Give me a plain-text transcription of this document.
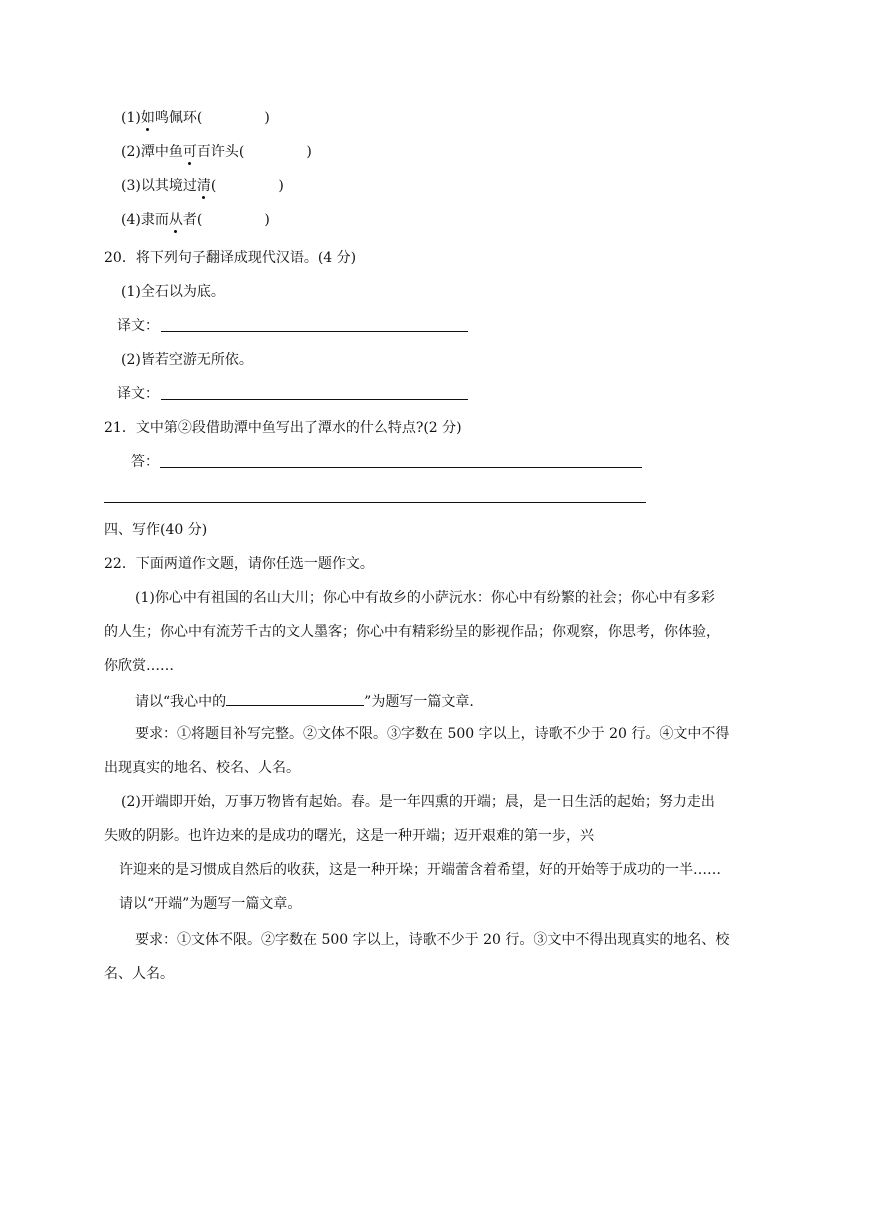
(1)如鸣佩环(	)
(2)潭中鱼可百许头(	)
(3)以其境过清(	)
(4)隶而从者(	)
20．将下列句子翻译成现代汉语。(4 分)
(1)全石以为底。
译文：
(2)皆若空游无所依。
译文：
21．文中第②段借助潭中鱼写出了潭水的什么特点?(2 分)
答：
四、写作(40 分)
22．下面两道作文题，请你任选一题作文。
(1)你心中有祖国的名山大川；你心中有故乡的小萨沅水：你心中有纷繁的社会；你心中有多彩
的人生；你心中有流芳千古的文人墨客；你心中有精彩纷呈的影视作品；你观察，你思考，你体验，
你欣赏……
请以“我心中的	”为题写一篇文章.
要求：①将题目补写完整。②文体不限。③字数在 500 字以上，诗歌不少于 20 行。④文中不得
出现真实的地名、校名、人名。
(2)开端即开始，万事万物皆有起始。春。是一年四熏的开端；晨，是一日生活的起始；努力走出
失败的阴影。也许边来的是成功的曙光，这是一种开端；迈开艰难的第一步，兴
许迎来的是习惯成自然后的收获，这是一种开垛；开端蕾含着希望，好的开始等于成功的一半……
请以“开端”为题写一篇文章。
要求：①文体不限。②字数在 500 字以上，诗歌不少于 20 行。③文中不得出现真实的地名、校
名、人名。
